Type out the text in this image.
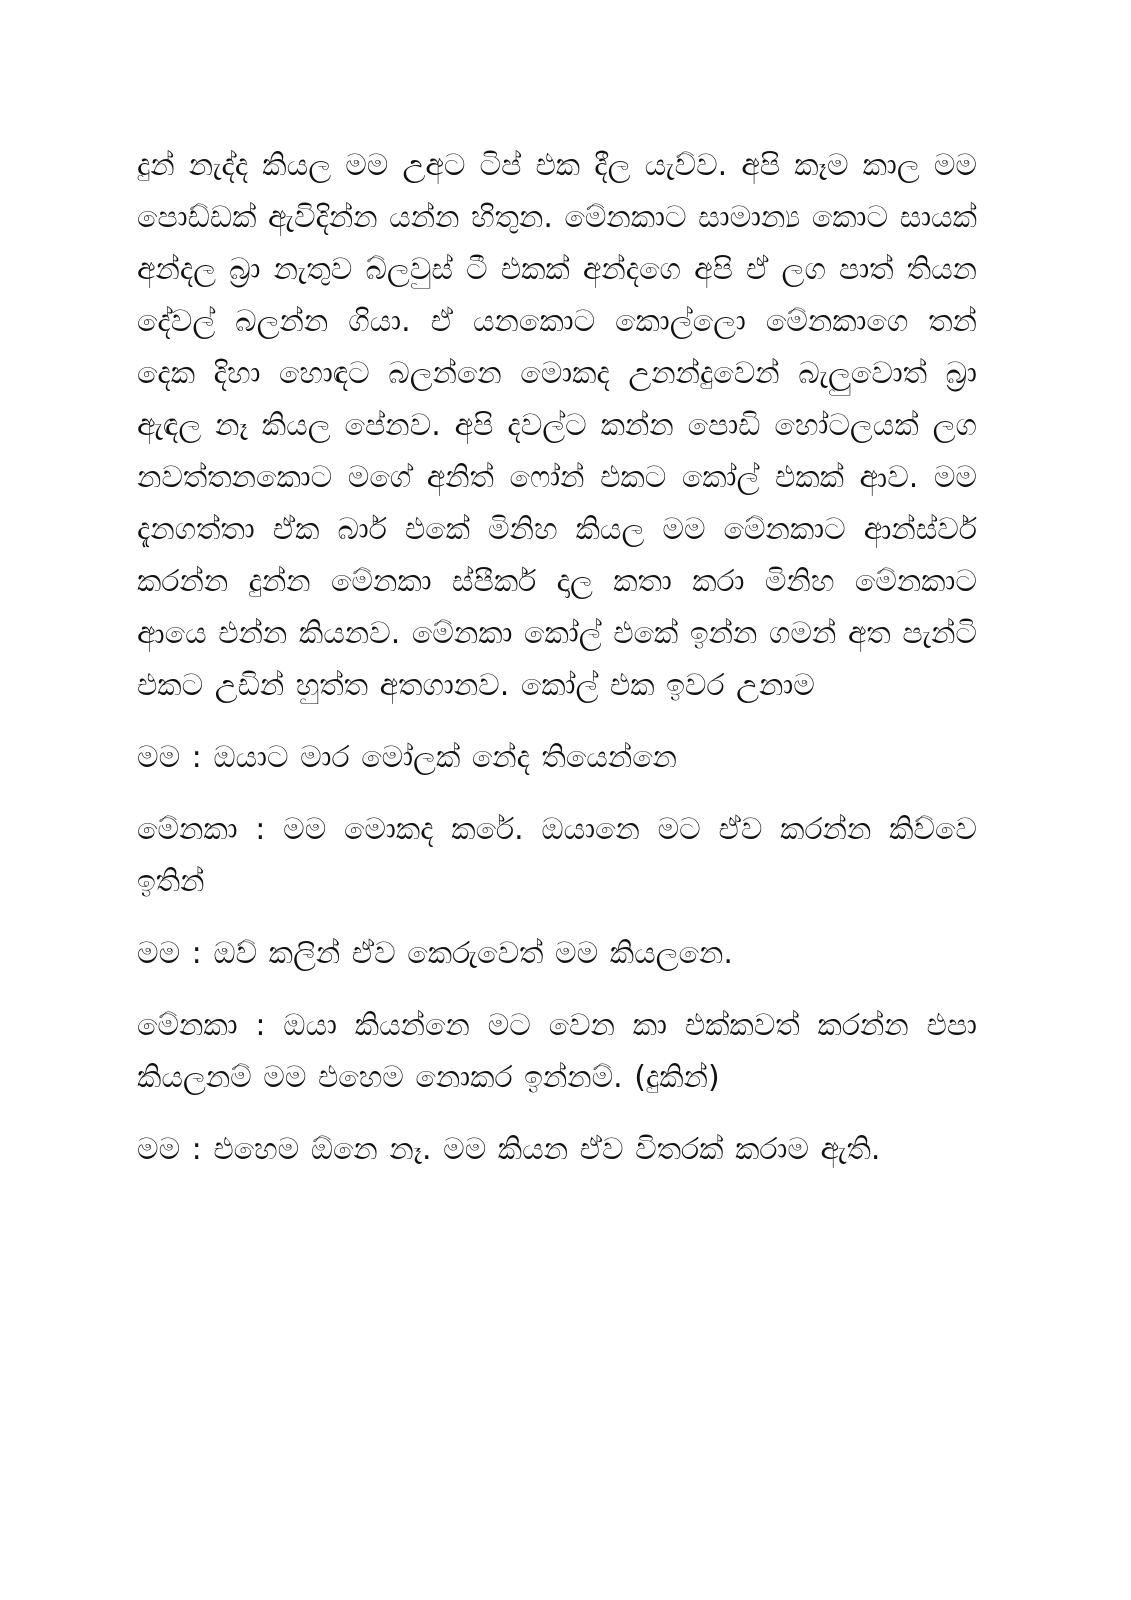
දුන් නැද්ද කියල මම උඅට ටිප් එක දීල යැව්ව. අපි කෑම කාල මම පොඩ්ඩක් ඇවිදින්න යන්න හිතුන. මේනකාට සාමාන්‍ය කොට සායක් අන්දල බ්‍රා නැතුව බ්ලවුස් ටී එකක් අන්දගෙ අපි ඒ ලග පාත් තියන දේවල් බලන්න ගියා. ඒ යනකොට කොල්ලො මේනකාගෙ තන් දෙක දිහා හොඳට බලන්නෙ මොකද උනන්දුවෙන් බැලුවොත් බ්‍රා ඇඳල නෑ කියල පේනව. අපි දවල්ට කන්න පොඩි හෝටලයක් ලග නවත්තනකොට මගේ අනිත් ෆෝන් එකට කෝල් එකක් ආව. මම දැනගත්තා ඒක බාර් එකේ මිනිහ කියල මම මේනකාට ආන්ස්වර් කරන්න දුන්න මේනකා ස්පීකර් දාල කතා කරා මිනිහ මේනකාට ආයෙ එන්න කියනව. මේනකා කෝල් එකේ ඉන්න ගමන් අත පැන්ටි එකට උඩින් හුත්ත අතගානව. කෝල් එක ඉවර උනාම

මම : ඔයාට මාර මෝලක් නේද තියෙන්නෙ

මේනකා : මම මොකද කරේ. ඔයානෙ මට ඒව කරන්න කිව්වෙ ඉතින්

මම : ඔව් කලින් ඒව කෙරුවෙත් මම කියලනෙ.

මේනකා : ඔයා කියන්නෙ මට වෙන කා එක්කවත් කරන්න එපා කියලනම් මම එහෙම නොකර ඉන්නම්. (දුකින්)

මම : එහෙම ඕනෙ නෑ. මම කියන ඒව විතරක් කරාම ඇති.
